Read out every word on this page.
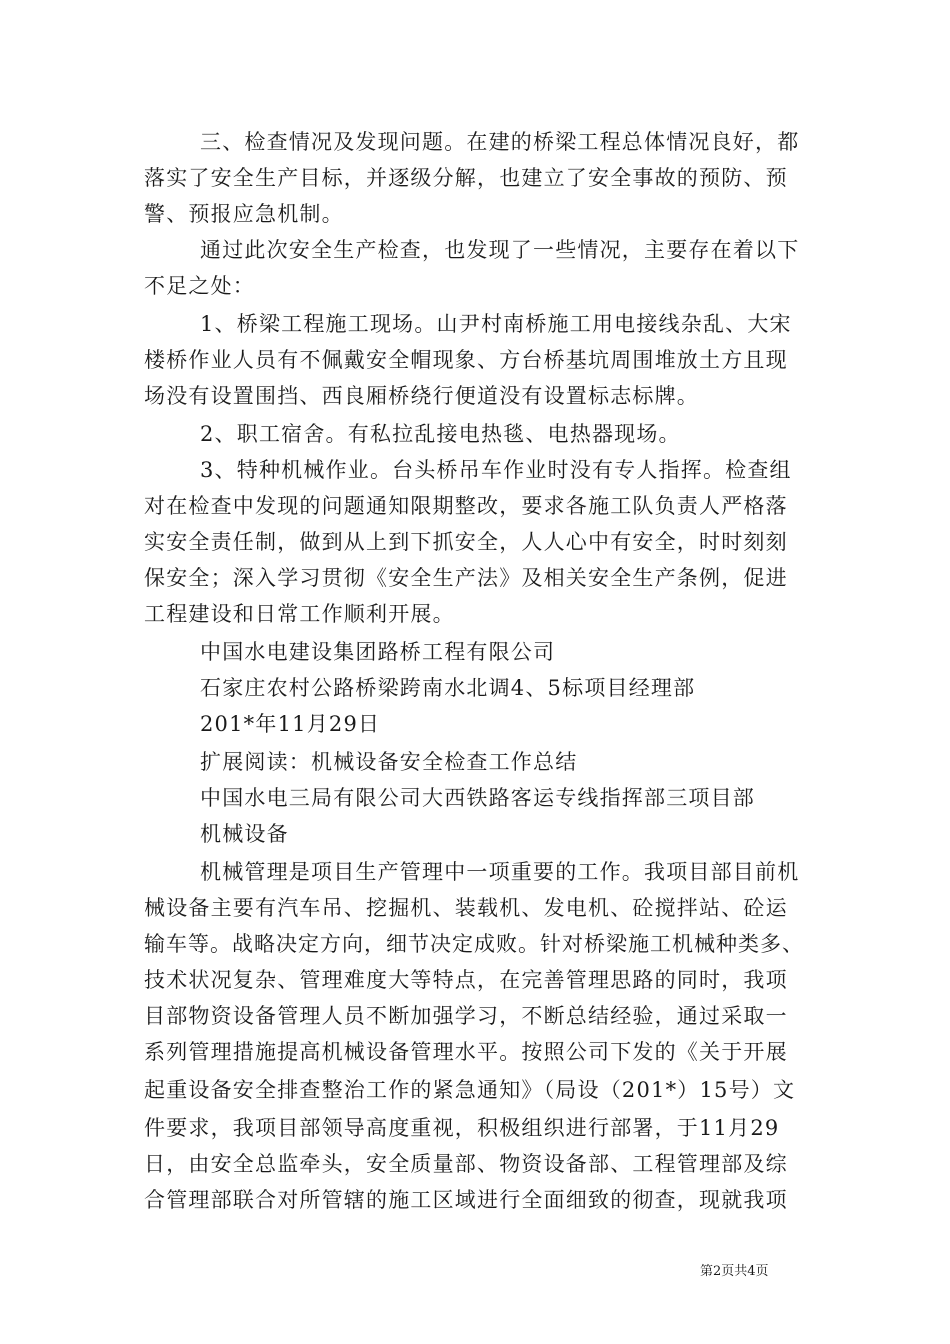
三、检查情况及发现问题。在建的桥梁工程总体情况良好，都
落实了安全生产目标，并逐级分解，也建立了安全事故的预防、预
警、预报应急机制。
通过此次安全生产检查，也发现了一些情况，主要存在着以下
不足之处：
1、桥梁工程施工现场。山尹村南桥施工用电接线杂乱、大宋
楼桥作业人员有不佩戴安全帽现象、方台桥基坑周围堆放土方且现
场没有设置围挡、西良厢桥绕行便道没有设置标志标牌。
2、职工宿舍。有私拉乱接电热毯、电热器现场。
3、特种机械作业。台头桥吊车作业时没有专人指挥。检查组
对在检查中发现的问题通知限期整改，要求各施工队负责人严格落
实安全责任制，做到从上到下抓安全，人人心中有安全，时时刻刻
保安全；深入学习贯彻《安全生产法》及相关安全生产条例，促进
工程建设和日常工作顺利开展。
中国水电建设集团路桥工程有限公司
石家庄农村公路桥梁跨南水北调4、5标项目经理部
201*年11月29日
扩展阅读：机械设备安全检查工作总结
中国水电三局有限公司大西铁路客运专线指挥部三项目部
机械设备
机械管理是项目生产管理中一项重要的工作。我项目部目前机
械设备主要有汽车吊、挖掘机、装载机、发电机、砼搅拌站、砼运
输车等。战略决定方向，细节决定成败。针对桥梁施工机械种类多、
技术状况复杂、管理难度大等特点，在完善管理思路的同时，我项
目部物资设备管理人员不断加强学习，不断总结经验，通过采取一
系列管理措施提高机械设备管理水平。按照公司下发的《关于开展
起重设备安全排查整治工作的紧急通知》（局设（201*）15号）文
件要求，我项目部领导高度重视，积极组织进行部署，于11月29
日，由安全总监牵头，安全质量部、物资设备部、工程管理部及综
合管理部联合对所管辖的施工区域进行全面细致的彻查，现就我项
第2页共4页
